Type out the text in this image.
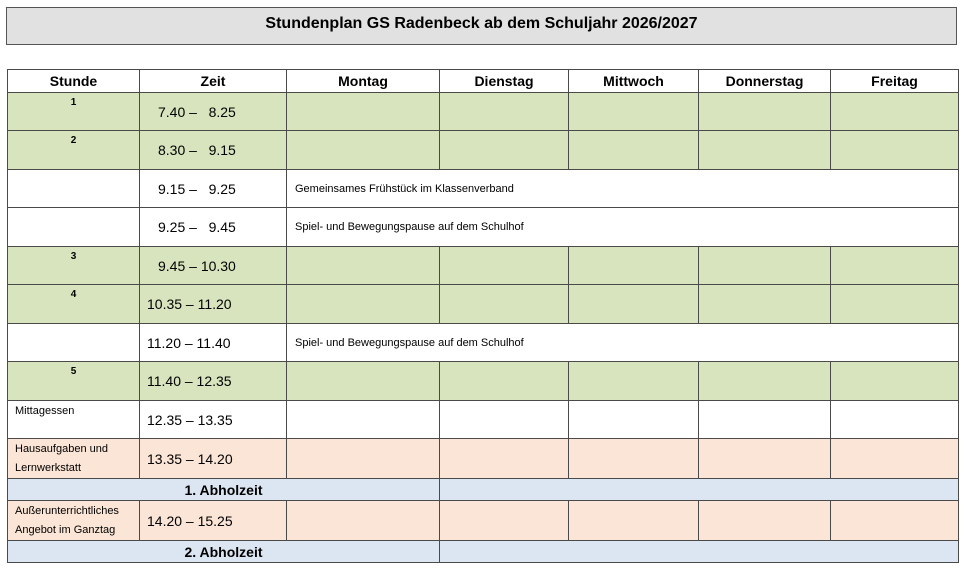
Stundenplan GS Radenbeck ab dem Schuljahr 2026/2027
Stunde	Zeit	Montag	Dienstag	Mittwoch	Donnerstag	Freitag
1	7.40 –   8.25					
2	8.30 –   9.15					
	9.15 –   9.25	Gemeinsames Frühstück im Klassenverband				
	9.25 –   9.45	Spiel- und Bewegungspause auf dem Schulhof				
3	9.45 – 10.30					
4	10.35 – 11.20					
	11.20 – 11.40	Spiel- und Bewegungspause auf dem Schulhof				
5	11.40 – 12.35					
Mittagessen	12.35 – 13.35					
Hausaufgaben und
Lernwerkstatt	13.35 – 14.20					
1. Abholzeit						
Außerunterrichtliches
Angebot im Ganztag	14.20 – 15.25					
2. Abholzeit						
